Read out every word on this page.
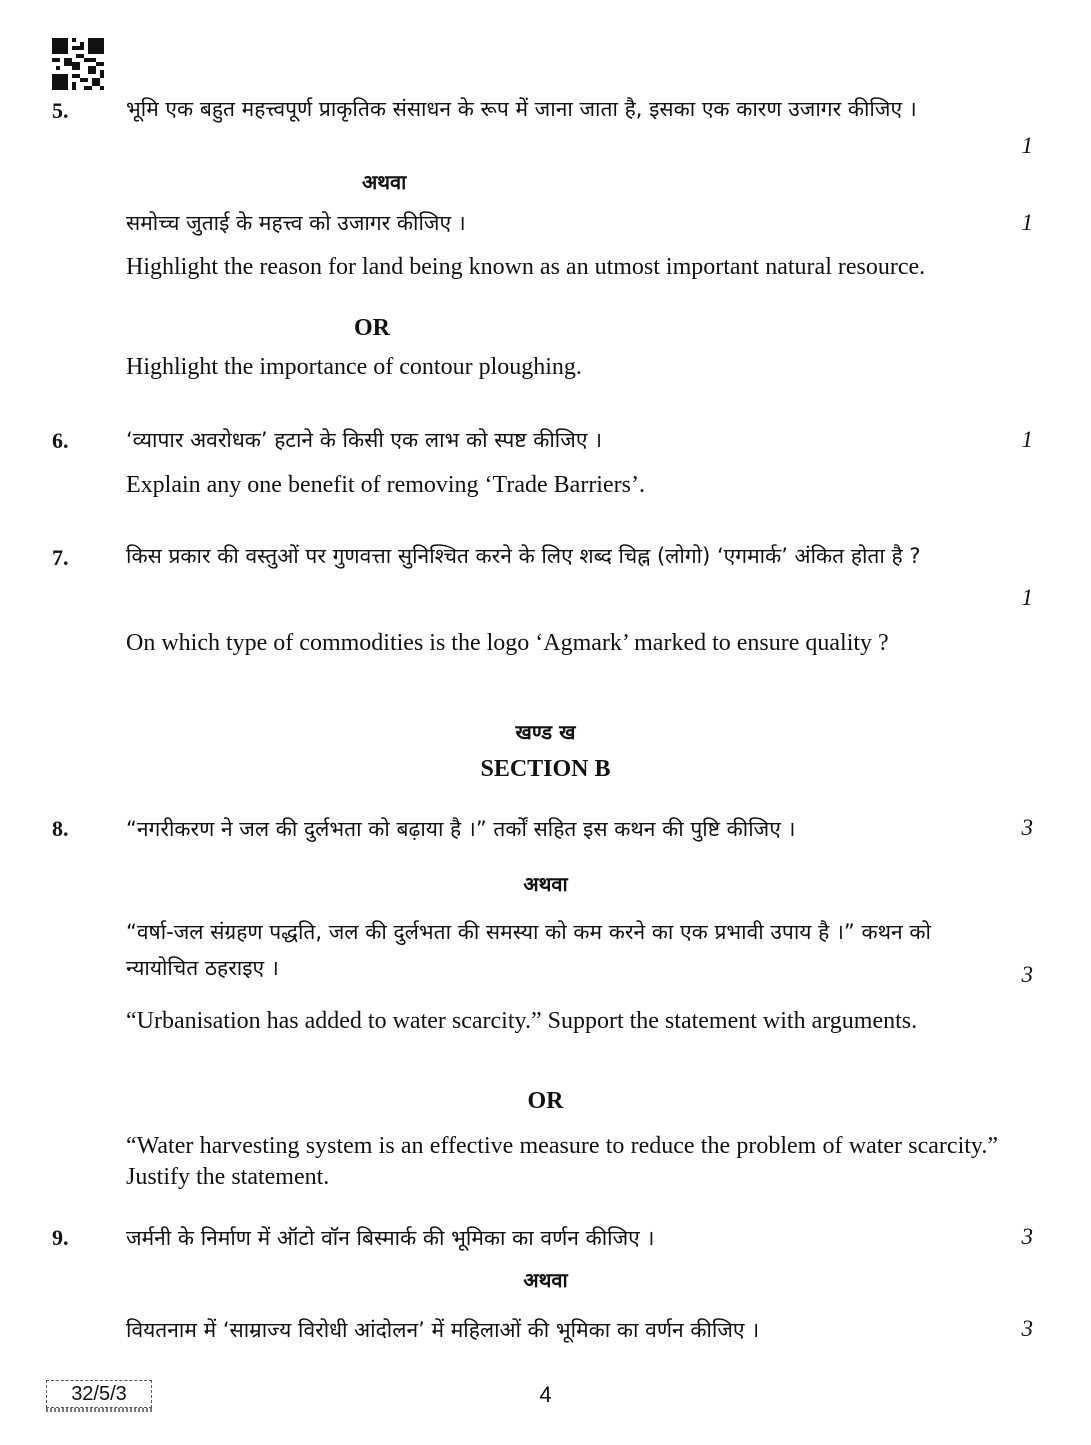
5.	भूमि एक बहुत महत्त्वपूर्ण प्राकृतिक संसाधन के रूप में जाना जाता है, इसका एक कारण उजागर कीजिए ।
1
अथवा
समोच्च जुताई के महत्त्व को उजागर कीजिए ।	1
Highlight the reason for land being known as an utmost important natural resource.
OR
Highlight the importance of contour ploughing.
6.	‘व्यापार अवरोधक’ हटाने के किसी एक लाभ को स्पष्ट कीजिए ।	1
Explain any one benefit of removing ‘Trade Barriers’.
7.	किस प्रकार की वस्तुओं पर गुणवत्ता सुनिश्चित करने के लिए शब्द चिह्न (लोगो) ‘एगमार्क’ अंकित होता है ?
1
On which type of commodities is the logo ‘Agmark’ marked to ensure quality ?
खण्ड ख
SECTION B
8.	“नगरीकरण ने जल की दुर्लभता को बढ़ाया है ।” तर्कों सहित इस कथन की पुष्टि कीजिए ।	3
अथवा
“वर्षा-जल संग्रहण पद्धति, जल की दुर्लभता की समस्या को कम करने का एक प्रभावी उपाय है ।” कथन को न्यायोचित ठहराइए ।	3
“Urbanisation has added to water scarcity.” Support the statement with arguments.
OR
“Water harvesting system is an effective measure to reduce the problem of water scarcity.” Justify the statement.
9.	जर्मनी के निर्माण में ऑटो वॉन बिस्मार्क की भूमिका का वर्णन कीजिए ।	3
अथवा
वियतनाम में ‘साम्राज्य विरोधी आंदोलन’ में महिलाओं की भूमिका का वर्णन कीजिए ।	3
32/5/3	4
